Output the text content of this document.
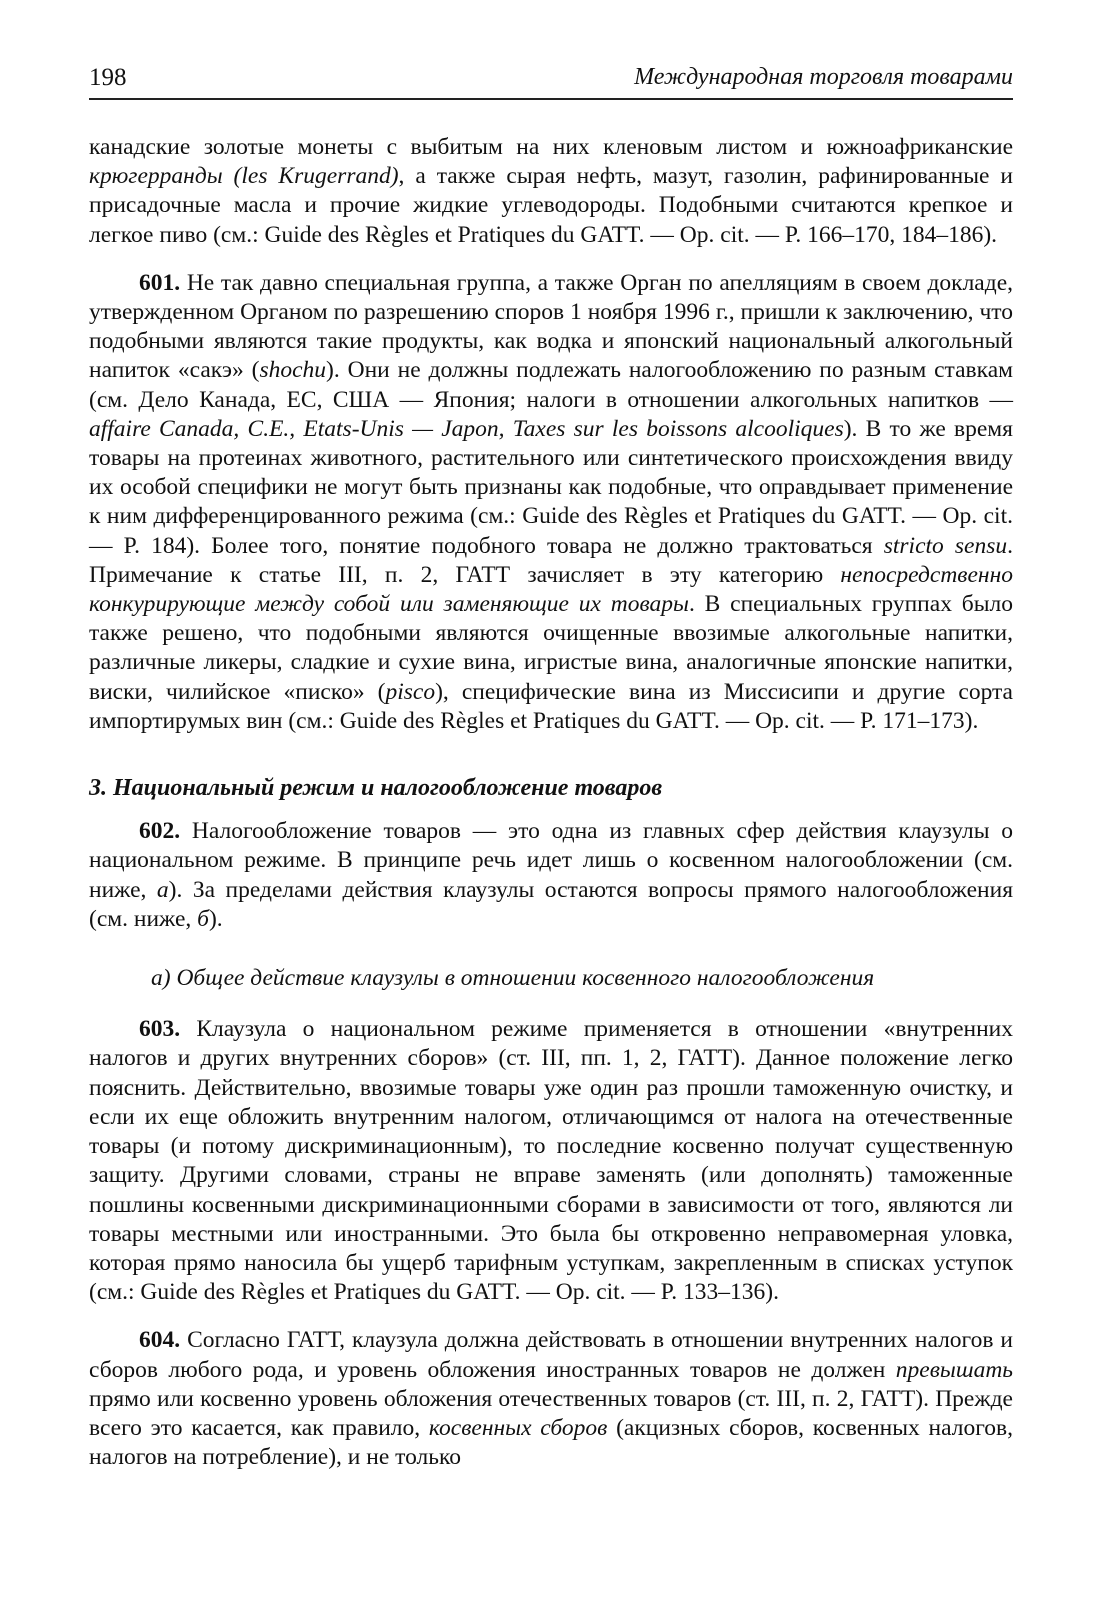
198	Международная торговля товарами

канадские золотые монеты с выбитым на них кленовым листом и южноафриканские крюгерранды (les Krugerrand), а также сырая нефть, мазут, газолин, рафинированные и присадочные масла и прочие жидкие углеводороды. Подобными считаются крепкое и легкое пиво (см.: Guide des Règles et Pratiques du GATT. — Op. cit. — P. 166–170, 184–186).

601. Не так давно специальная группа, а также Орган по апелляциям в своем докладе, утвержденном Органом по разрешению споров 1 ноября 1996 г., пришли к заключению, что подобными являются такие продукты, как водка и японский национальный алкогольный напиток «сакэ» (shochu). Они не должны подлежать налогообложению по разным ставкам (см. Дело Канада, ЕС, США — Япония; налоги в отношении алкогольных напитков — affaire Canada, C.E., Etats-Unis — Japon, Taxes sur les boissons alcooliques). В то же время товары на протеинах животного, растительного или синтетического происхождения ввиду их особой специфики не могут быть признаны как подобные, что оправдывает применение к ним дифференцированного режима (см.: Guide des Règles et Pratiques du GATT. — Op. cit. — P. 184). Более того, понятие подобного товара не должно трактоваться stricto sensu. Примечание к статье III, п. 2, ГАТТ зачисляет в эту категорию непосредственно конкурирующие между собой или заменяющие их товары. В специальных группах было также решено, что подобными являются очищенные ввозимые алкогольные напитки, различные ликеры, сладкие и сухие вина, игристые вина, аналогичные японские напитки, виски, чилийское «писко» (pisco), специфические вина из Миссисипи и другие сорта импортирумых вин (см.: Guide des Règles et Pratiques du GATT. — Op. cit. — P. 171–173).

3. Национальный режим и налогообложение товаров

602. Налогообложение товаров — это одна из главных сфер действия клаузулы о национальном режиме. В принципе речь идет лишь о косвенном налогообложении (см. ниже, а). За пределами действия клаузулы остаются вопросы прямого налогообложения (см. ниже, б).

а) Общее действие клаузулы в отношении косвенного налогообложения

603. Клаузула о национальном режиме применяется в отношении «внутренних налогов и других внутренних сборов» (ст. III, пп. 1, 2, ГАТТ). Данное положение легко пояснить. Действительно, ввозимые товары уже один раз прошли таможенную очистку, и если их еще обложить внутренним налогом, отличающимся от налога на отечественные товары (и потому дискриминационным), то последние косвенно получат существенную защиту. Другими словами, страны не вправе заменять (или дополнять) таможенные пошлины косвенными дискриминационными сборами в зависимости от того, являются ли товары местными или иностранными. Это была бы откровенно неправомерная уловка, которая прямо наносила бы ущерб тарифным уступкам, закрепленным в списках уступок (см.: Guide des Règles et Pratiques du GATT. — Op. cit. — P. 133–136).

604. Согласно ГАТТ, клаузула должна действовать в отношении внутренних налогов и сборов любого рода, и уровень обложения иностранных товаров не должен превышать прямо или косвенно уровень обложения отечественных товаров (ст. III, п. 2, ГАТТ). Прежде всего это касается, как правило, косвенных сборов (акцизных сборов, косвенных налогов, налогов на потребление), и не только
